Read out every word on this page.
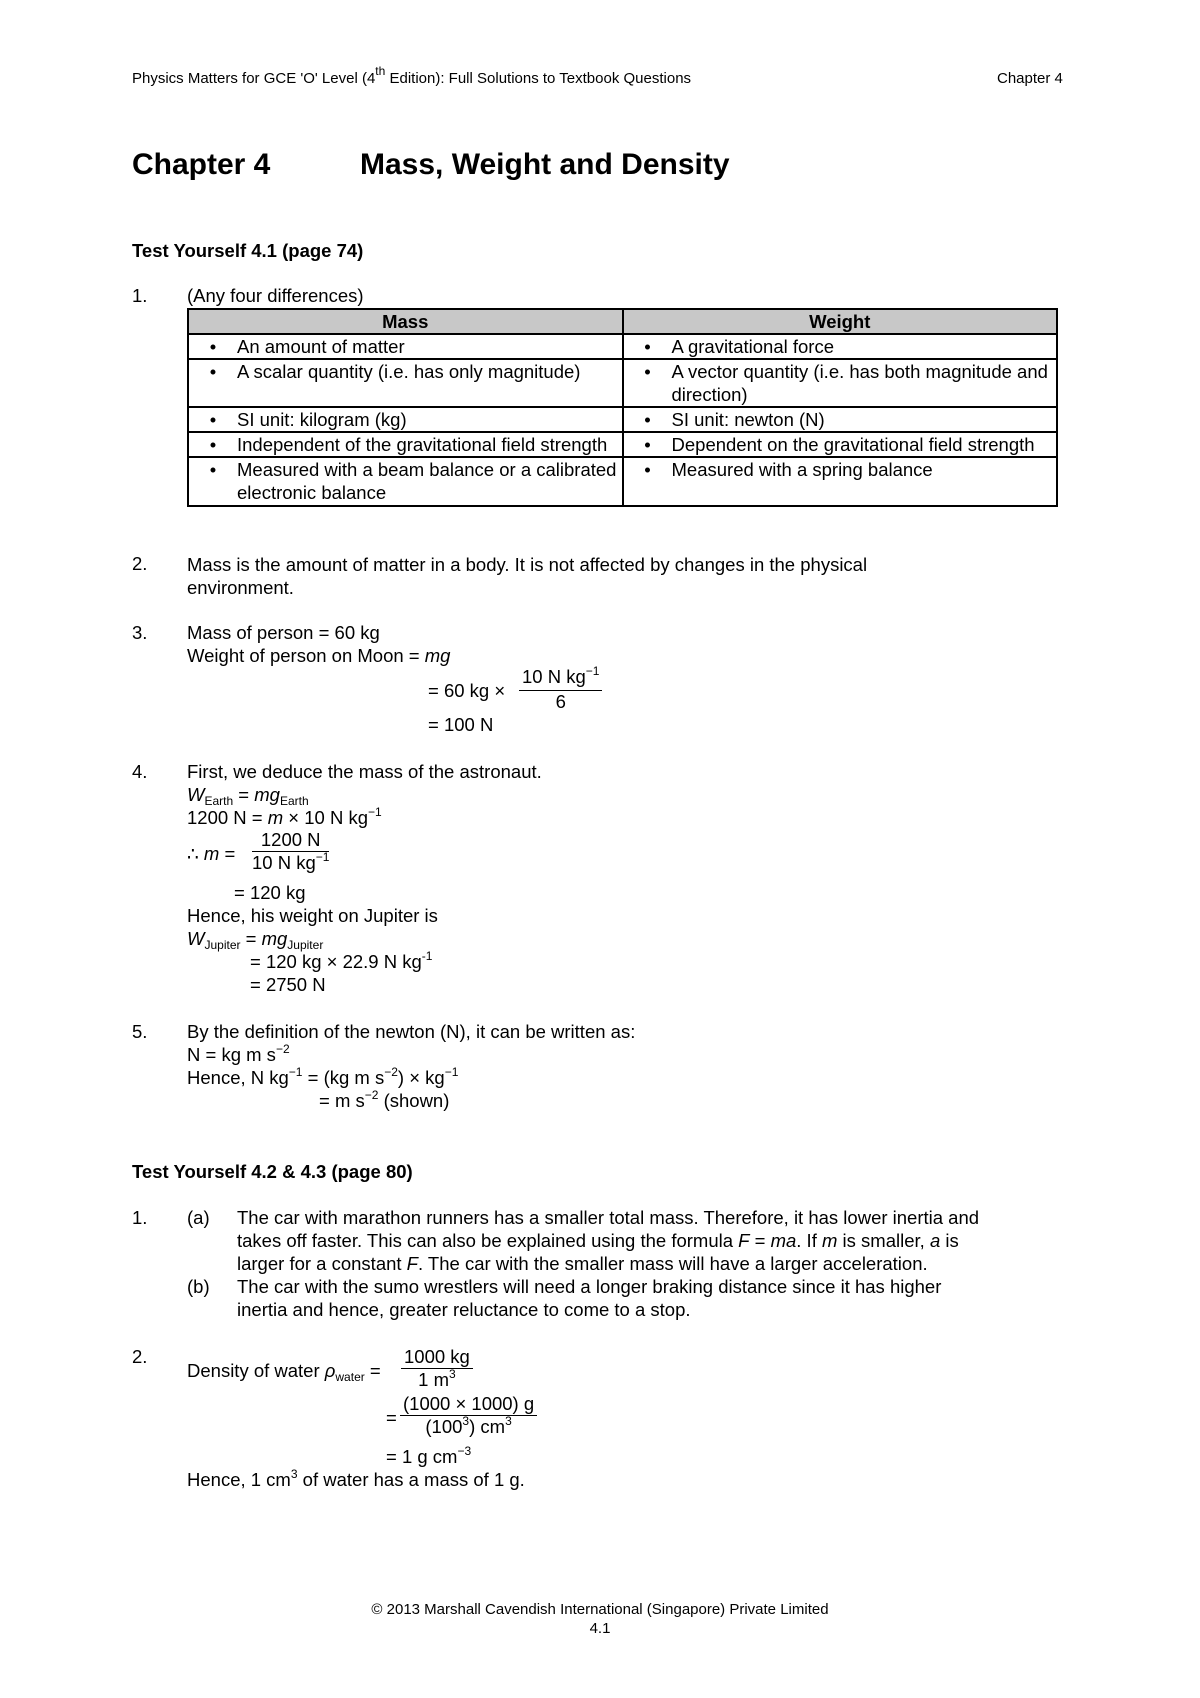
Physics Matters for GCE 'O' Level (4th Edition): Full Solutions to Textbook Questions	Chapter 4
Chapter 4	Mass, Weight and Density
Test Yourself 4.1 (page 74)
1. (Any four differences)
Mass	Weight

• An amount of matter	• A gravitational force

• A scalar quantity (i.e. has only magnitude)	• A vector quantity (i.e. has both magnitude and direction)

• SI unit: kilogram (kg)	• SI unit: newton (N)

• Independent of the gravitational field strength	• Dependent on the gravitational field strength

• Measured with a beam balance or a calibrated electronic balance	• Measured with a spring balance
2. Mass is the amount of matter in a body. It is not affected by changes in the physical environment.
3. Mass of person = 60 kg
Weight of person on Moon = mg
= 60 kg × $\frac{10 N kg^{-1}}{6}$
= 100 N
4. First, we deduce the mass of the astronaut.
$W_{Earth} = mg_{Earth}$
1200 N = m × 10 N $kg^{-1}$
∴ $m = \frac{1200 N}{10 N kg^{-1}}$
= 120 kg
Hence, his weight on Jupiter is
$W_{Jupiter} = mg_{Jupiter}$
= 120 kg × 22.9 N $kg^{-1}$
= 2750 N
5. By the definition of the newton (N), it can be written as:
N = kg m $s^{-2}$
Hence, N $kg^{-1} = (kg$ m $s^{-2}) \times kg^{-1}$
= m $s^{-2}$ (shown)
Test Yourself 4.2 & 4.3 (page 80)
1. (a) The car with marathon runners has a smaller total mass. Therefore, it has lower inertia and
takes off faster. This can also be explained using the formula F = ma. If m is smaller, a is
larger for a constant F. The car with the smaller mass will have a larger acceleration.
(b) The car with the sumo wrestlers will need a longer braking distance since it has higher
inertia and hence, greater reluctance to come to a stop.
2.
Density of water $\rho_{water} = \frac{1000 kg}{1 m^3}$
= $\frac{(1000 \times 1000) g}{(100^3) cm^3}$
= 1 g $cm^{-3}$
Hence, 1 $cm^3$ of water has a mass of 1 g.
© 2013 Marshall Cavendish International (Singapore) Private Limited
4.1
